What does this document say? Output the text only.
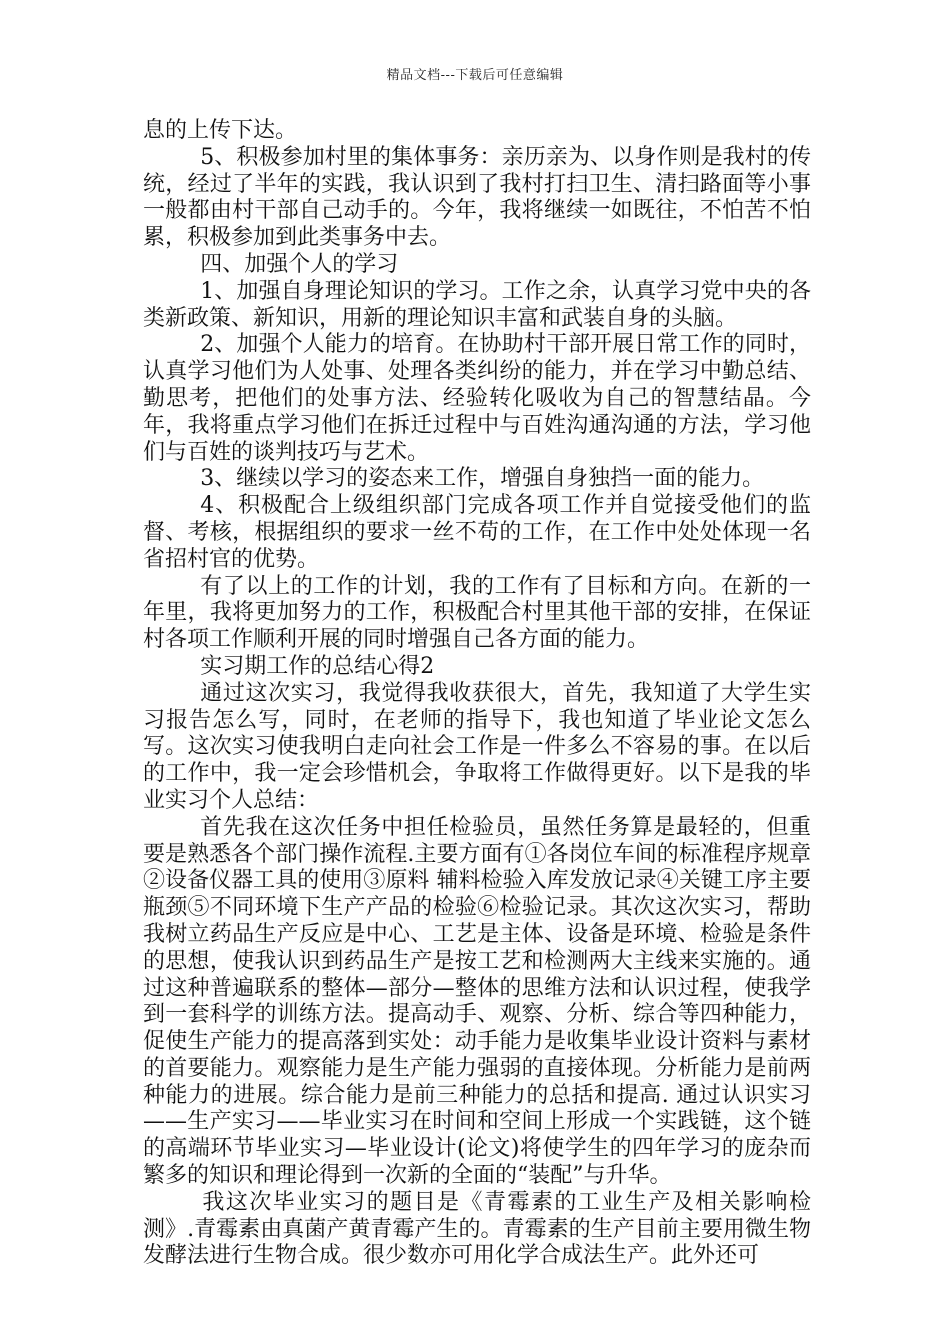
精品文档---下载后可任意编辑

息的上传下达。

5、积极参加村里的集体事务：亲历亲为、以身作则是我村的传统，经过了半年的实践，我认识到了我村打扫卫生、清扫路面等小事一般都由村干部自己动手的。今年，我将继续一如既往，不怕苦不怕累，积极参加到此类事务中去。

四、加强个人的学习

1、加强自身理论知识的学习。工作之余，认真学习党中央的各类新政策、新知识，用新的理论知识丰富和武装自身的头脑。

2、加强个人能力的培育。在协助村干部开展日常工作的同时，认真学习他们为人处事、处理各类纠纷的能力，并在学习中勤总结、勤思考，把他们的处事方法、经验转化吸收为自己的智慧结晶。今年，我将重点学习他们在拆迁过程中与百姓沟通沟通的方法，学习他们与百姓的谈判技巧与艺术。

3、继续以学习的姿态来工作，增强自身独挡一面的能力。

4、积极配合上级组织部门完成各项工作并自觉接受他们的监督、考核，根据组织的要求一丝不苟的工作，在工作中处处体现一名省招村官的优势。

有了以上的工作的计划，我的工作有了目标和方向。在新的一年里，我将更加努力的工作，积极配合村里其他干部的安排，在保证村各项工作顺利开展的同时增强自己各方面的能力。

实习期工作的总结心得2

通过这次实习，我觉得我收获很大，首先，我知道了大学生实习报告怎么写，同时，在老师的指导下，我也知道了毕业论文怎么写。这次实习使我明白走向社会工作是一件多么不容易的事。在以后的工作中，我一定会珍惜机会，争取将工作做得更好。以下是我的毕业实习个人总结：

首先我在这次任务中担任检验员，虽然任务算是最轻的，但重要是熟悉各个部门操作流程.主要方面有①各岗位车间的标准程序规章②设备仪器工具的使用③原料 辅料检验入库发放记录④关键工序主要瓶颈⑤不同环境下生产产品的检验⑥检验记录。其次这次实习，帮助我树立药品生产反应是中心、工艺是主体、设备是环境、检验是条件的思想，使我认识到药品生产是按工艺和检测两大主线来实施的。通过这种普遍联系的整体—部分—整体的思维方法和认识过程，使我学到一套科学的训练方法。提高动手、观察、分析、综合等四种能力，促使生产能力的提高落到实处：动手能力是收集毕业设计资料与素材的首要能力。观察能力是生产能力强弱的直接体现。分析能力是前两种能力的进展。综合能力是前三种能力的总括和提高. 通过认识实习——生产实习——毕业实习在时间和空间上形成一个实践链，这个链的高端环节毕业实习—毕业设计(论文)将使学生的四年学习的庞杂而繁多的知识和理论得到一次新的全面的“装配”与升华。

我这次毕业实习的题目是《青霉素的工业生产及相关影响检测》.青霉素由真菌产黄青霉产生的。青霉素的生产目前主要用微生物发酵法进行生物合成。很少数亦可用化学合成法生产。此外还可
